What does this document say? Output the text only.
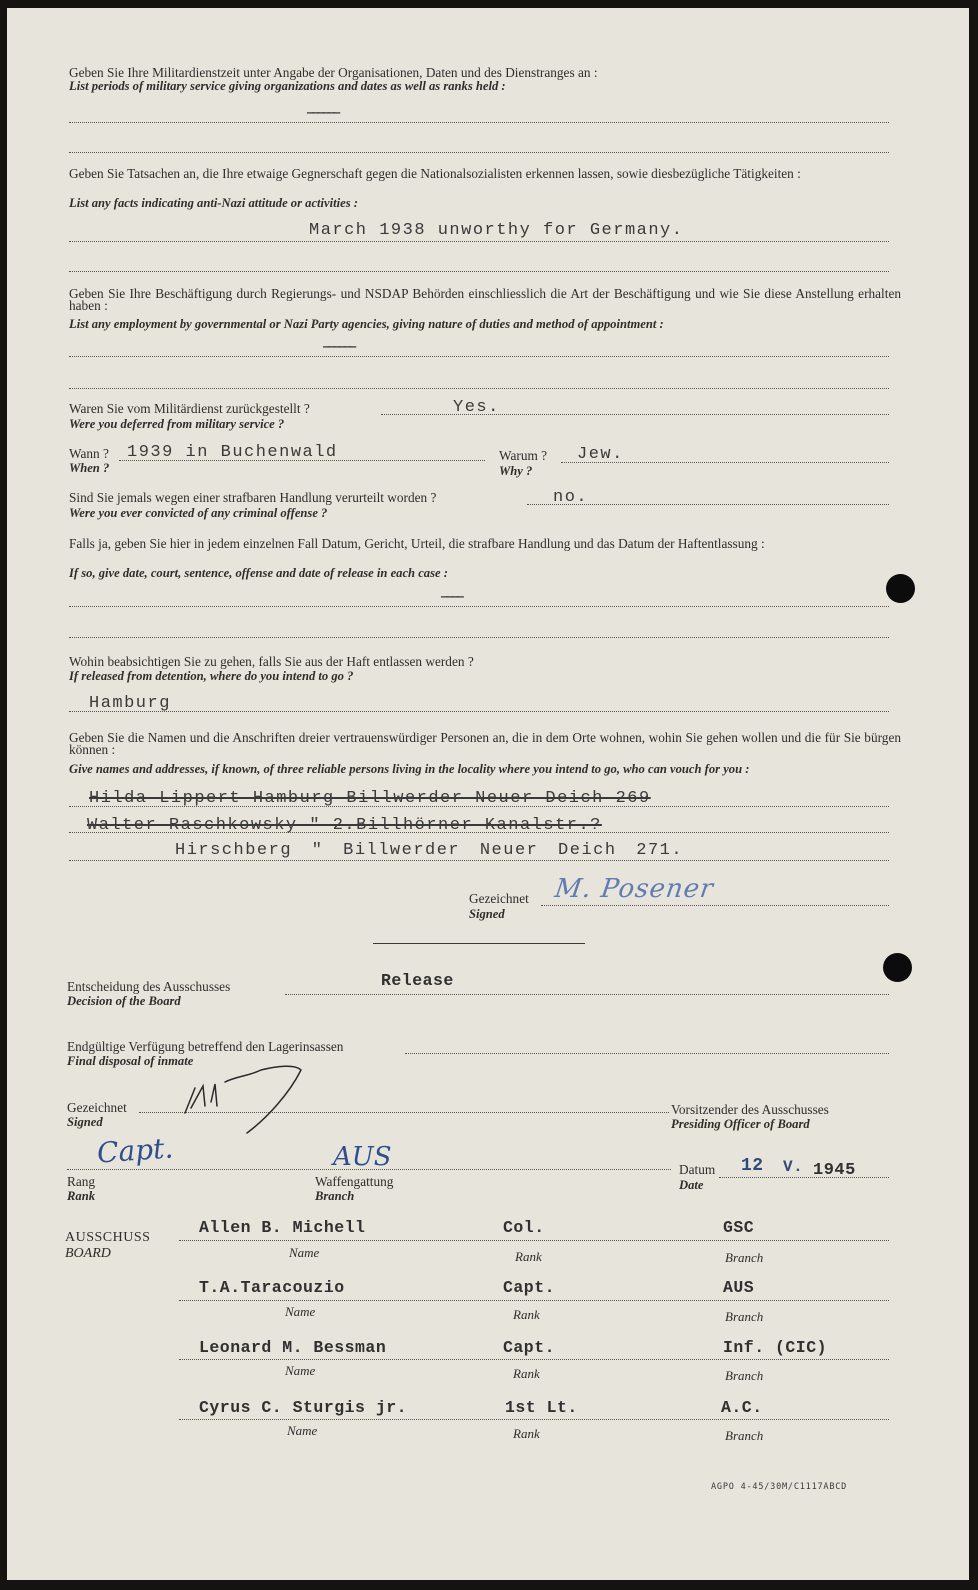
Geben Sie Ihre Militardienstzeit unter Angabe der Organisationen, Daten und des Dienstranges an :
List periods of military service giving organizations and dates as well as ranks held :
——————
Geben Sie Tatsachen an, die Ihre etwaige Gegnerschaft gegen die Nationalsozialisten erkennen lassen, sowie diesbezügliche Tätigkeiten :
List any facts indicating anti-Nazi attitude or activities :
March 1938 unworthy for Germany.
Geben Sie Ihre Beschäftigung durch Regierungs- und NSDAP Behörden einschliesslich die Art der Beschäftigung und wie Sie diese Anstellung erhalten haben :
List any employment by governmental or Nazi Party agencies, giving nature of duties and method of appointment :
——————
Waren Sie vom Militärdienst zurückgestellt ?
Were you deferred from military service ?
Yes.
Wann ?
When ?
1939 in Buchenwald	Warum ?
Why ?
Jew.
Sind Sie jemals wegen einer strafbaren Handlung verurteilt worden ?
Were you ever convicted of any criminal offense ?
no.
Falls ja, geben Sie hier in jedem einzelnen Fall Datum, Gericht, Urteil, die strafbare Handlung und das Datum der Haftentlassung :
If so, give date, court, sentence, offense and date of release in each case :
————
Wohin beabsichtigen Sie zu gehen, falls Sie aus der Haft entlassen werden ?
If released from detention, where do you intend to go ?
Hamburg
Geben Sie die Namen und die Anschriften dreier vertrauenswürdiger Personen an, die in dem Orte wohnen, wohin Sie gehen wollen und die für Sie bürgen können :
Give names and addresses, if known, of three reliable persons living in the locality where you intend to go, who can vouch for you :
Hilda Lippert Hamburg Billwerder Neuer Deich 269
Walter Raschkowsky " 2.Billhörner Kanalstr.?
Hirschberg " Billwerder Neuer Deich 271.
Gezeichnet
Signed
M. Posener
Entscheidung des Ausschusses
Decision of the Board
Release
Endgültige Verfügung betreffend den Lagerinsassen
Final disposal of inmate
Gezeichnet
Signed
Vorsitzender des Ausschusses
Presiding Officer of Board
Capt.	AUS
Rang
Rank
Waffengattung
Branch
Datum
Date
12 V. 1945
AUSSCHUSS
BOARD
Allen B. Michell	Col.	GSC
Name	Rank	Branch
T.A.Taracouzio	Capt.	AUS
Name	Rank	Branch
Leonard M. Bessman	Capt.	Inf. (CIC)
Name	Rank	Branch
Cyrus C. Sturgis jr.	1st Lt.	A.C.
Name	Rank	Branch
AGPO 4-45/30M/C1117ABCD
